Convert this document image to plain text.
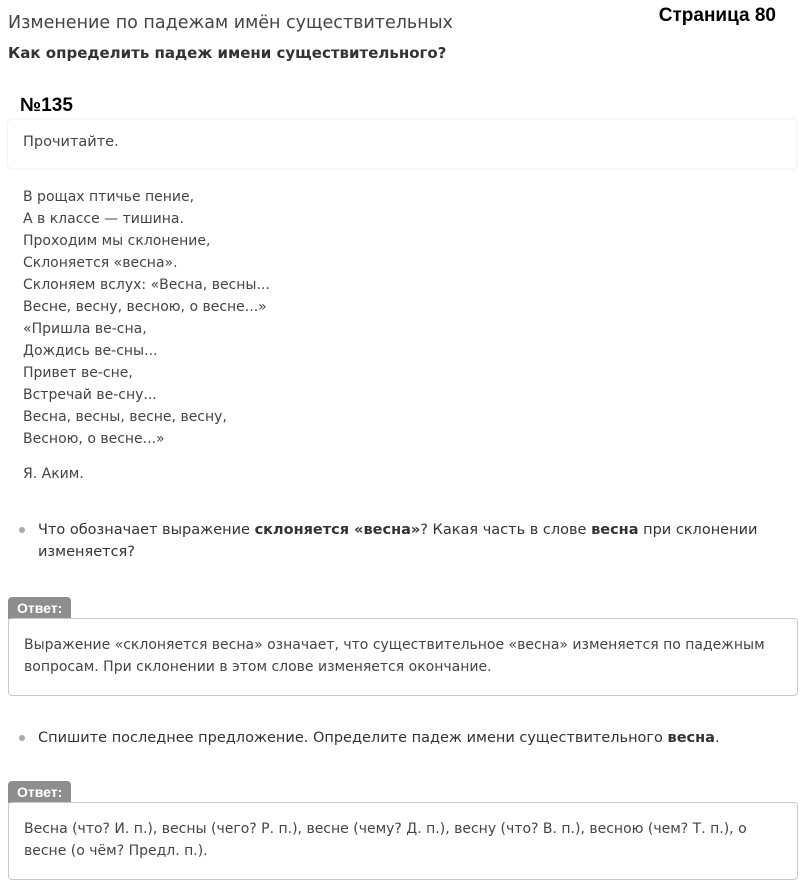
Страница 80
Изменение по падежам имён существительных
Как определить падеж имени существительного?
№135
Прочитайте.
В рощах птичье пение,
А в классе — тишина.
Проходим мы склонение,
Склоняется «весна».
Склоняем вслух: «Весна, весны...
Весне, весну, весною, о весне...»
«Пришла ве-сна,
Дождись ве-сны...
Привет ве-сне,
Встречай ве-сну...
Весна, весны, весне, весну,
Весною, о весне...»
Я. Аким.
Что обозначает выражение склоняется «весна»? Какая часть в слове весна при склонении изменяется?
Ответ:
Выражение «склоняется весна» означает, что существительное «весна» изменяется по падежным вопросам. При склонении в этом слове изменяется окончание.
Спишите последнее предложение. Определите падеж имени существительного весна.
Ответ:
Весна (что? И. п.), весны (чего? Р. п.), весне (чему? Д. п.), весну (что? В. п.), весною (чем? Т. п.), о весне (о чём? Предл. п.).
